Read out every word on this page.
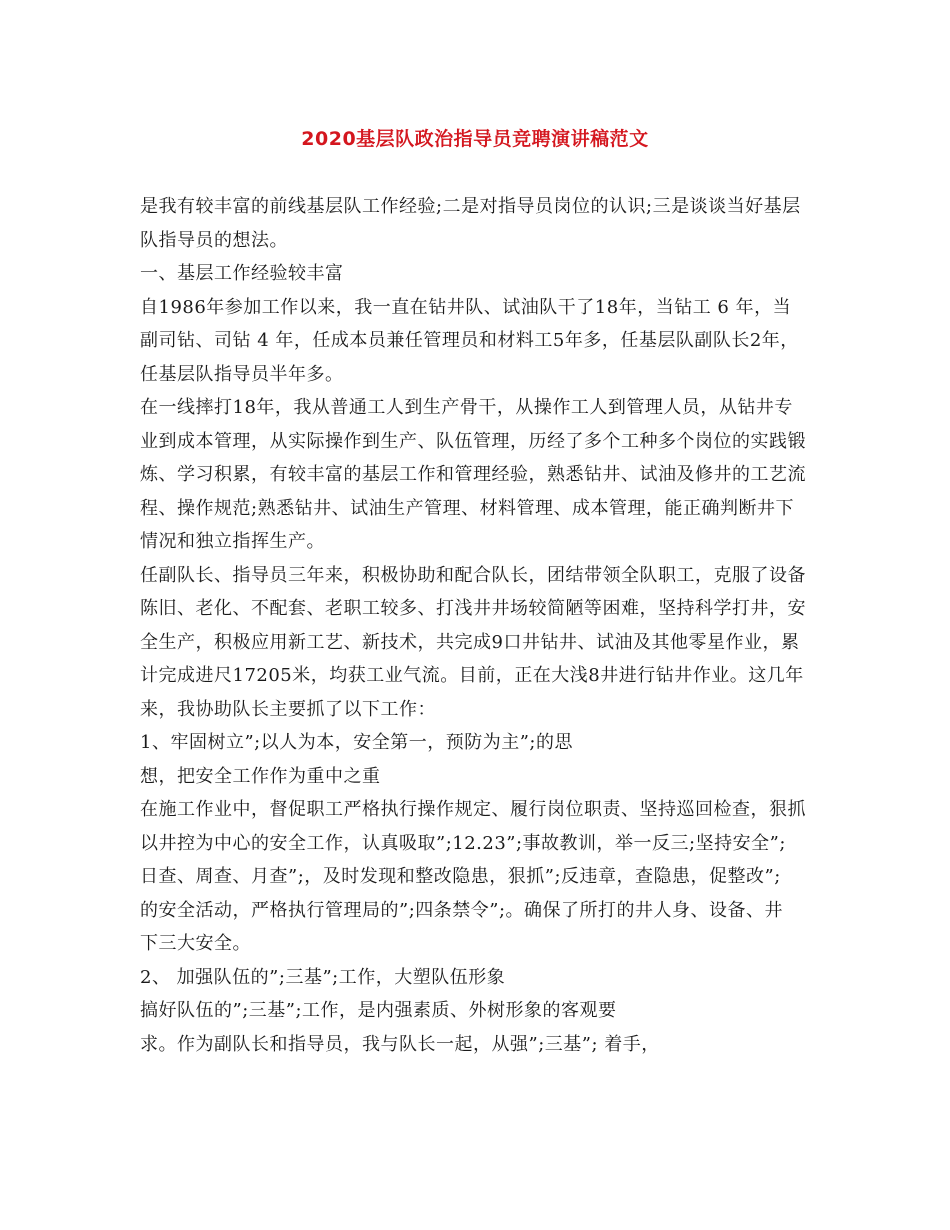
2020基层队政治指导员竞聘演讲稿范文
是我有较丰富的前线基层队工作经验;二是对指导员岗位的认识;三是谈谈当好基层
队指导员的想法。
一、基层工作经验较丰富
自1986年参加工作以来，我一直在钻井队、试油队干了18年，当钻工 6 年，当
副司钻、司钻 4 年，任成本员兼任管理员和材料工5年多，任基层队副队长2年，
任基层队指导员半年多。
在一线摔打18年，我从普通工人到生产骨干，从操作工人到管理人员，从钻井专
业到成本管理，从实际操作到生产、队伍管理，历经了多个工种多个岗位的实践锻
炼、学习积累，有较丰富的基层工作和管理经验，熟悉钻井、试油及修井的工艺流
程、操作规范;熟悉钻井、试油生产管理、材料管理、成本管理，能正确判断井下
情况和独立指挥生产。
任副队长、指导员三年来，积极协助和配合队长，团结带领全队职工，克服了设备
陈旧、老化、不配套、老职工较多、打浅井井场较简陋等困难，坚持科学打井，安
全生产，积极应用新工艺、新技术，共完成9口井钻井、试油及其他零星作业，累
计完成进尺17205米，均获工业气流。目前，正在大浅8井进行钻井作业。这几年
来，我协助队长主要抓了以下工作：
1、牢固树立”;以人为本，安全第一，预防为主”;的思
想，把安全工作作为重中之重
在施工作业中，督促职工严格执行操作规定、履行岗位职责、坚持巡回检查，狠抓
以井控为中心的安全工作，认真吸取”;12.23”;事故教训，举一反三;坚持安全”;
日查、周查、月查”;，及时发现和整改隐患，狠抓”;反违章，查隐患，促整改”;
的安全活动，严格执行管理局的”;四条禁令”;。确保了所打的井人身、设备、井
下三大安全。
2、 加强队伍的”;三基”;工作，大塑队伍形象
搞好队伍的”;三基”;工作，是内强素质、外树形象的客观要
求。作为副队长和指导员，我与队长一起，从强”;三基”; 着手，
